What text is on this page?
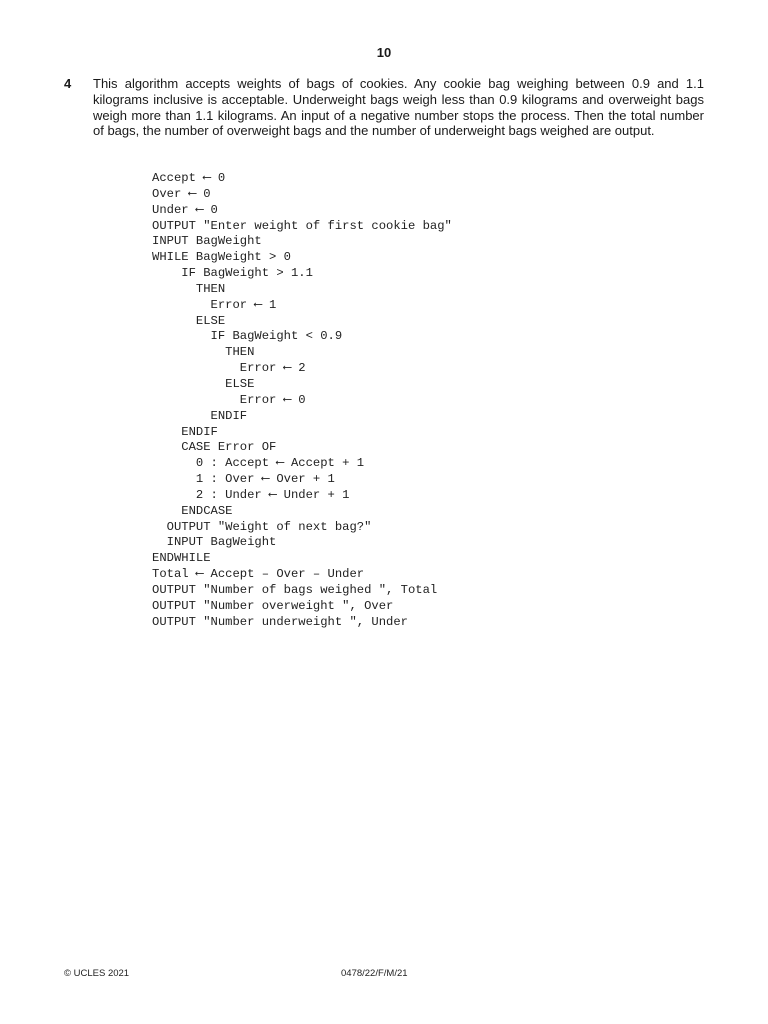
10
4 This algorithm accepts weights of bags of cookies. Any cookie bag weighing between 0.9 and 1.1 kilograms inclusive is acceptable. Underweight bags weigh less than 0.9 kilograms and overweight bags weigh more than 1.1 kilograms. An input of a negative number stops the process. Then the total number of bags, the number of overweight bags and the number of underweight bags weighed are output.
Accept ⟵ 0
Over ⟵ 0
Under ⟵ 0
OUTPUT "Enter weight of first cookie bag"
INPUT BagWeight
WHILE BagWeight > 0
IF BagWeight > 1.1
THEN
Error ⟵ 1
ELSE
IF BagWeight < 0.9
THEN
Error ⟵ 2
ELSE
Error ⟵ 0
ENDIF
ENDIF
CASE Error OF
0 : Accept ⟵ Accept + 1
1 : Over ⟵ Over + 1
2 : Under ⟵ Under + 1
ENDCASE
OUTPUT "Weight of next bag?"
INPUT BagWeight
ENDWHILE
Total ⟵ Accept – Over – Under
OUTPUT "Number of bags weighed ", Total
OUTPUT "Number overweight ", Over
OUTPUT "Number underweight ", Under
© UCLES 2021	0478/22/F/M/21
